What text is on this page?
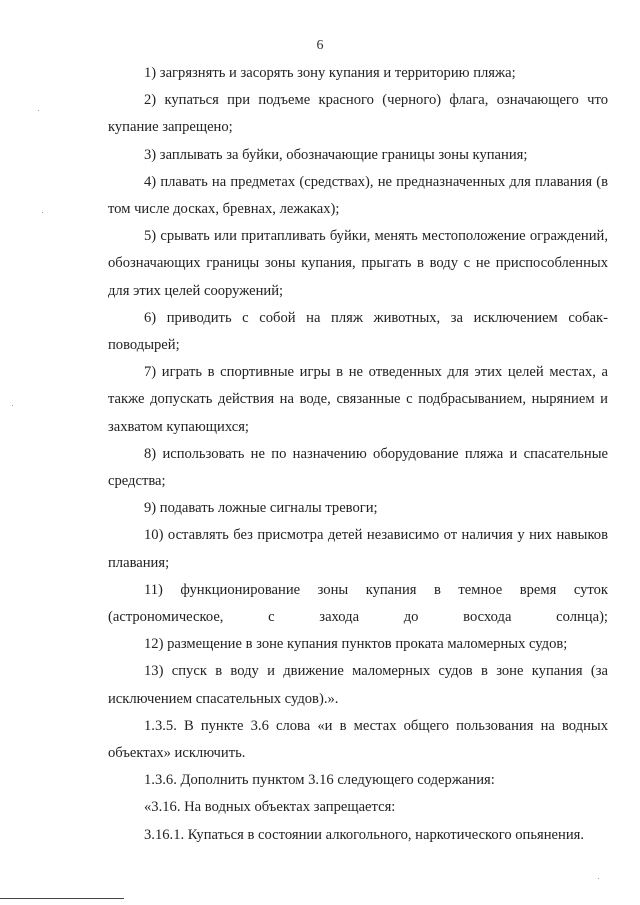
6

1) загрязнять и засорять зону купания и территорию пляжа;

2) купаться при подъеме красного (черного) флага, означающего что купание запрещено;

3) заплывать за буйки, обозначающие границы зоны купания;

4) плавать на предметах (средствах), не предназначенных для плавания (в том числе досках, бревнах, лежаках);

5) срывать или притапливать буйки, менять местоположение ограждений, обозначающих границы зоны купания, прыгать в воду с не приспособленных для этих целей сооружений;

6) приводить с собой на пляж животных, за исключением собак-поводырей;

7) играть в спортивные игры в не отведенных для этих целей местах, а также допускать действия на воде, связанные с подбрасыванием, нырянием и захватом купающихся;

8) использовать не по назначению оборудование пляжа и спасательные средства;

9) подавать ложные сигналы тревоги;

10) оставлять без присмотра детей независимо от наличия у них навыков плавания;

11) функционирование зоны купания в темное время суток (астрономическое, с захода до восхода солнца);

12) размещение в зоне купания пунктов проката маломерных судов;

13) спуск в воду и движение маломерных судов в зоне купания (за исключением спасательных судов).».

1.3.5. В пункте 3.6 слова «и в местах общего пользования на водных объектах» исключить.

1.3.6. Дополнить пунктом 3.16 следующего содержания:

«3.16. На водных объектах запрещается:

3.16.1. Купаться в состоянии алкогольного, наркотического опьянения.
